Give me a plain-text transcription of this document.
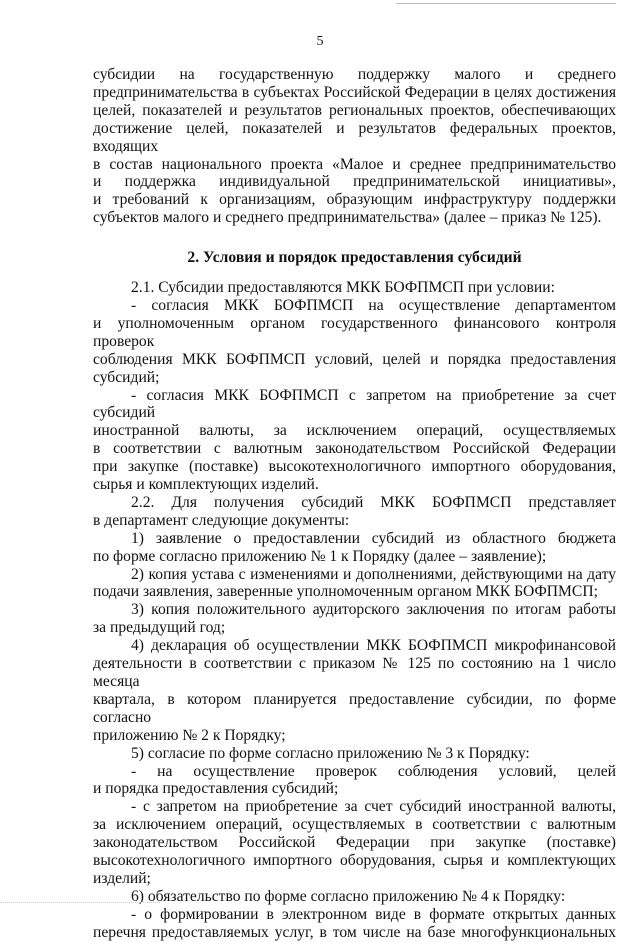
5
субсидии на государственную поддержку малого и среднего
предпринимательства в субъектах Российской Федерации в целях достижения
целей, показателей и результатов региональных проектов, обеспечивающих
достижение целей, показателей и результатов федеральных проектов, входящих
в состав национального проекта «Малое и среднее предпринимательство
и поддержка индивидуальной предпринимательской инициативы»,
и требований к организациям, образующим инфраструктуру поддержки
субъектов малого и среднего предпринимательства» (далее – приказ № 125).
2. Условия и порядок предоставления субсидий
2.1. Субсидии предоставляются МКК БОФПМСП при условии:
- согласия МКК БОФПМСП на осуществление департаментом
и уполномоченным органом государственного финансового контроля проверок
соблюдения МКК БОФПМСП условий, целей и порядка предоставления
субсидий;
- согласия МКК БОФПМСП с запретом на приобретение за счет субсидий
иностранной валюты, за исключением операций, осуществляемых
в соответствии с валютным законодательством Российской Федерации
при закупке (поставке) высокотехнологичного импортного оборудования,
сырья и комплектующих изделий.
2.2. Для получения субсидий МКК БОФПМСП представляет
в департамент следующие документы:
1) заявление о предоставлении субсидий из областного бюджета
по форме согласно приложению № 1 к Порядку (далее – заявление);
2) копия устава с изменениями и дополнениями, действующими на дату
подачи заявления, заверенные уполномоченным органом МКК БОФПМСП;
3) копия положительного аудиторского заключения по итогам работы
за предыдущий год;
4) декларация об осуществлении МКК БОФПМСП микрофинансовой
деятельности в соответствии с приказом № 125 по состоянию на 1 число месяца
квартала, в котором планируется предоставление субсидии, по форме согласно
приложению № 2 к Порядку;
5) согласие по форме согласно приложению № 3 к Порядку:
- на осуществление проверок соблюдения условий, целей
и порядка предоставления субсидий;
- с запретом на приобретение за счет субсидий иностранной валюты,
за исключением операций, осуществляемых в соответствии с валютным
законодательством Российской Федерации при закупке (поставке)
высокотехнологичного импортного оборудования, сырья и комплектующих
изделий;
6) обязательство по форме согласно приложению № 4 к Порядку:
- о формировании в электронном виде в формате открытых данных
перечня предоставляемых услуг, в том числе на базе многофункциональных
